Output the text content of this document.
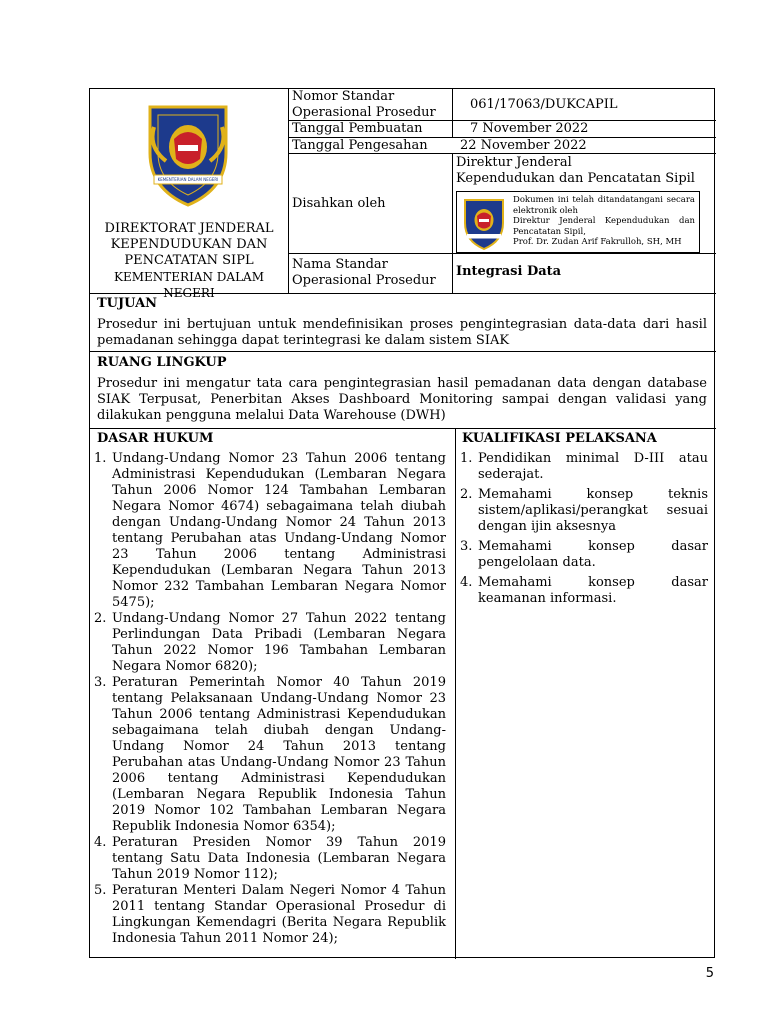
KEMENTERIAN DALAM NEGERI
DIREKTORAT JENDERAL
KEPENDUDUKAN DAN
PENCATATAN SIPL
KEMENTERIAN DALAM NEGERI
Nomor Standar
Operasional Prosedur
061/17063/DUKCAPIL
Tanggal Pembuatan	7 November 2022
Tanggal Pengesahan 22 November 2022
Disahkan oleh
Direktur Jenderal
Kependudukan dan Pencatatan Sipil
Dokumen ini telah ditandatangani secara
elektronik oleh
Direktur Jenderal Kependudukan dan
Pencatatan Sipil,
Prof. Dr. Zudan Arif Fakrulloh, SH, MH
Nama Standar
Operasional Prosedur
Integrasi Data
TUJUAN
Prosedur ini bertujuan untuk mendefinisikan proses pengintegrasian data-data dari hasil pemadanan sehingga dapat terintegrasi ke dalam sistem SIAK
RUANG LINGKUP
Prosedur ini mengatur tata cara pengintegrasian hasil pemadanan data dengan database SIAK Terpusat, Penerbitan Akses Dashboard Monitoring sampai dengan validasi yang dilakukan pengguna melalui Data Warehouse (DWH)
DASAR HUKUM
1. Undang-Undang Nomor 23 Tahun 2006 tentang Administrasi Kependudukan (Lembaran Negara Tahun 2006 Nomor 124 Tambahan Lembaran Negara Nomor 4674) sebagaimana telah diubah dengan Undang-Undang Nomor 24 Tahun 2013 tentang Perubahan atas Undang-Undang Nomor 23 Tahun 2006 tentang Administrasi Kependudukan (Lembaran Negara Tahun 2013 Nomor 232 Tambahan Lembaran Negara Nomor 5475);
2. Undang-Undang Nomor 27 Tahun 2022 tentang Perlindungan Data Pribadi (Lembaran Negara Tahun 2022 Nomor 196 Tambahan Lembaran Negara Nomor 6820);
3. Peraturan Pemerintah Nomor 40 Tahun 2019 tentang Pelaksanaan Undang-Undang Nomor 23 Tahun 2006 tentang Administrasi Kependudukan sebagaimana telah diubah dengan Undang-Undang Nomor 24 Tahun 2013 tentang Perubahan atas Undang-Undang Nomor 23 Tahun 2006 tentang Administrasi Kependudukan (Lembaran Negara Republik Indonesia Tahun 2019 Nomor 102 Tambahan Lembaran Negara Republik Indonesia Nomor 6354);
4. Peraturan Presiden Nomor 39 Tahun 2019 tentang Satu Data Indonesia (Lembaran Negara Tahun 2019 Nomor 112);
5. Peraturan Menteri Dalam Negeri Nomor 4 Tahun 2011 tentang Standar Operasional Prosedur di Lingkungan Kemendagri (Berita Negara Republik Indonesia Tahun 2011 Nomor 24);
KUALIFIKASI PELAKSANA
1. Pendidikan minimal D-III atau sederajat.
2. Memahami konsep teknis sistem/aplikasi/perangkat sesuai dengan ijin aksesnya
3. Memahami konsep dasar pengelolaan data.
4. Memahami konsep dasar keamanan informasi.
5
